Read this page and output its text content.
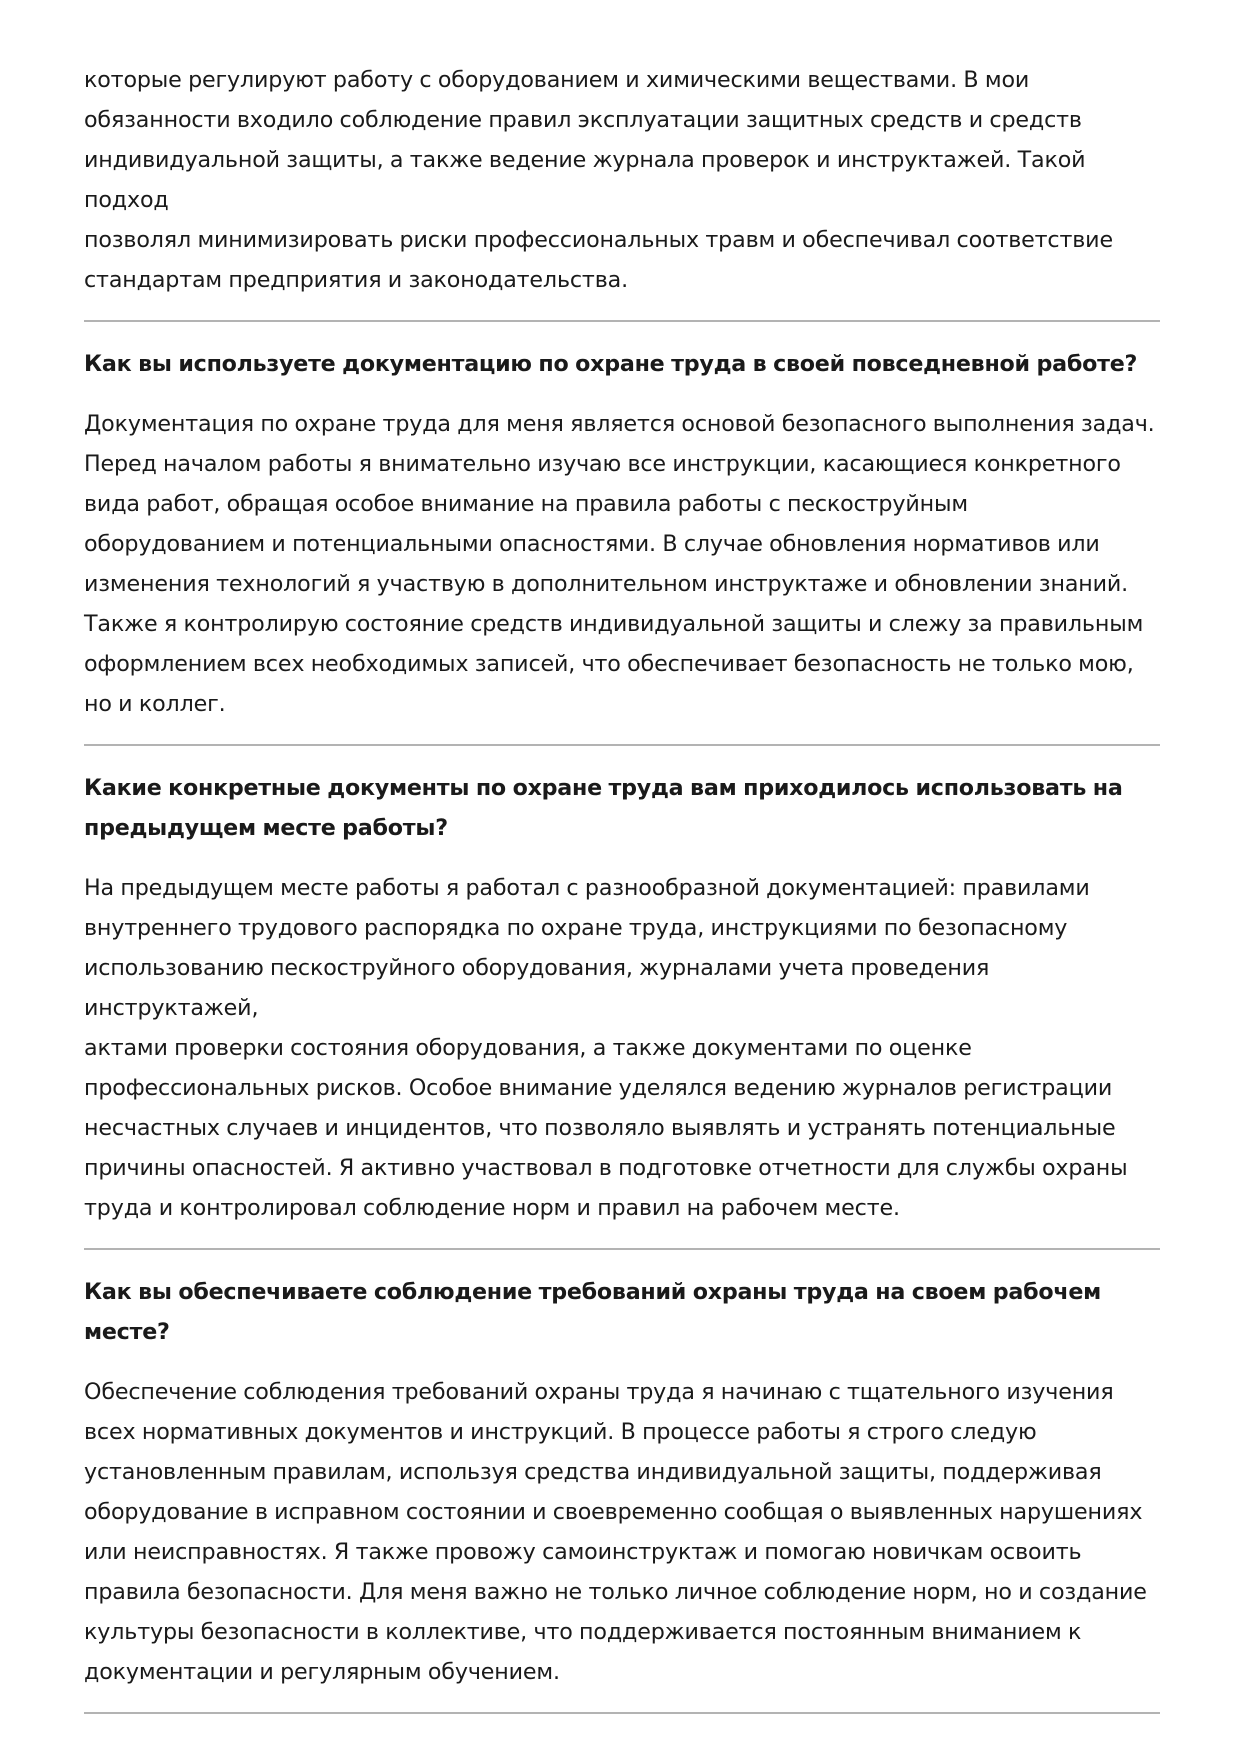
которые регулируют работу с оборудованием и химическими веществами. В мои
обязанности входило соблюдение правил эксплуатации защитных средств и средств
индивидуальной защиты, а также ведение журнала проверок и инструктажей. Такой подход
позволял минимизировать риски профессиональных травм и обеспечивал соответствие
стандартам предприятия и законодательства.

Как вы используете документацию по охране труда в своей повседневной работе?

Документация по охране труда для меня является основой безопасного выполнения задач.
Перед началом работы я внимательно изучаю все инструкции, касающиеся конкретного
вида работ, обращая особое внимание на правила работы с пескоструйным
оборудованием и потенциальными опасностями. В случае обновления нормативов или
изменения технологий я участвую в дополнительном инструктаже и обновлении знаний.
Также я контролирую состояние средств индивидуальной защиты и слежу за правильным
оформлением всех необходимых записей, что обеспечивает безопасность не только мою,
но и коллег.

Какие конкретные документы по охране труда вам приходилось использовать на
предыдущем месте работы?

На предыдущем месте работы я работал с разнообразной документацией: правилами
внутреннего трудового распорядка по охране труда, инструкциями по безопасному
использованию пескоструйного оборудования, журналами учета проведения инструктажей,
актами проверки состояния оборудования, а также документами по оценке
профессиональных рисков. Особое внимание уделялся ведению журналов регистрации
несчастных случаев и инцидентов, что позволяло выявлять и устранять потенциальные
причины опасностей. Я активно участвовал в подготовке отчетности для службы охраны
труда и контролировал соблюдение норм и правил на рабочем месте.

Как вы обеспечиваете соблюдение требований охраны труда на своем рабочем
месте?

Обеспечение соблюдения требований охраны труда я начинаю с тщательного изучения
всех нормативных документов и инструкций. В процессе работы я строго следую
установленным правилам, используя средства индивидуальной защиты, поддерживая
оборудование в исправном состоянии и своевременно сообщая о выявленных нарушениях
или неисправностях. Я также провожу самоинструктаж и помогаю новичкам освоить
правила безопасности. Для меня важно не только личное соблюдение норм, но и создание
культуры безопасности в коллективе, что поддерживается постоянным вниманием к
документации и регулярным обучением.
